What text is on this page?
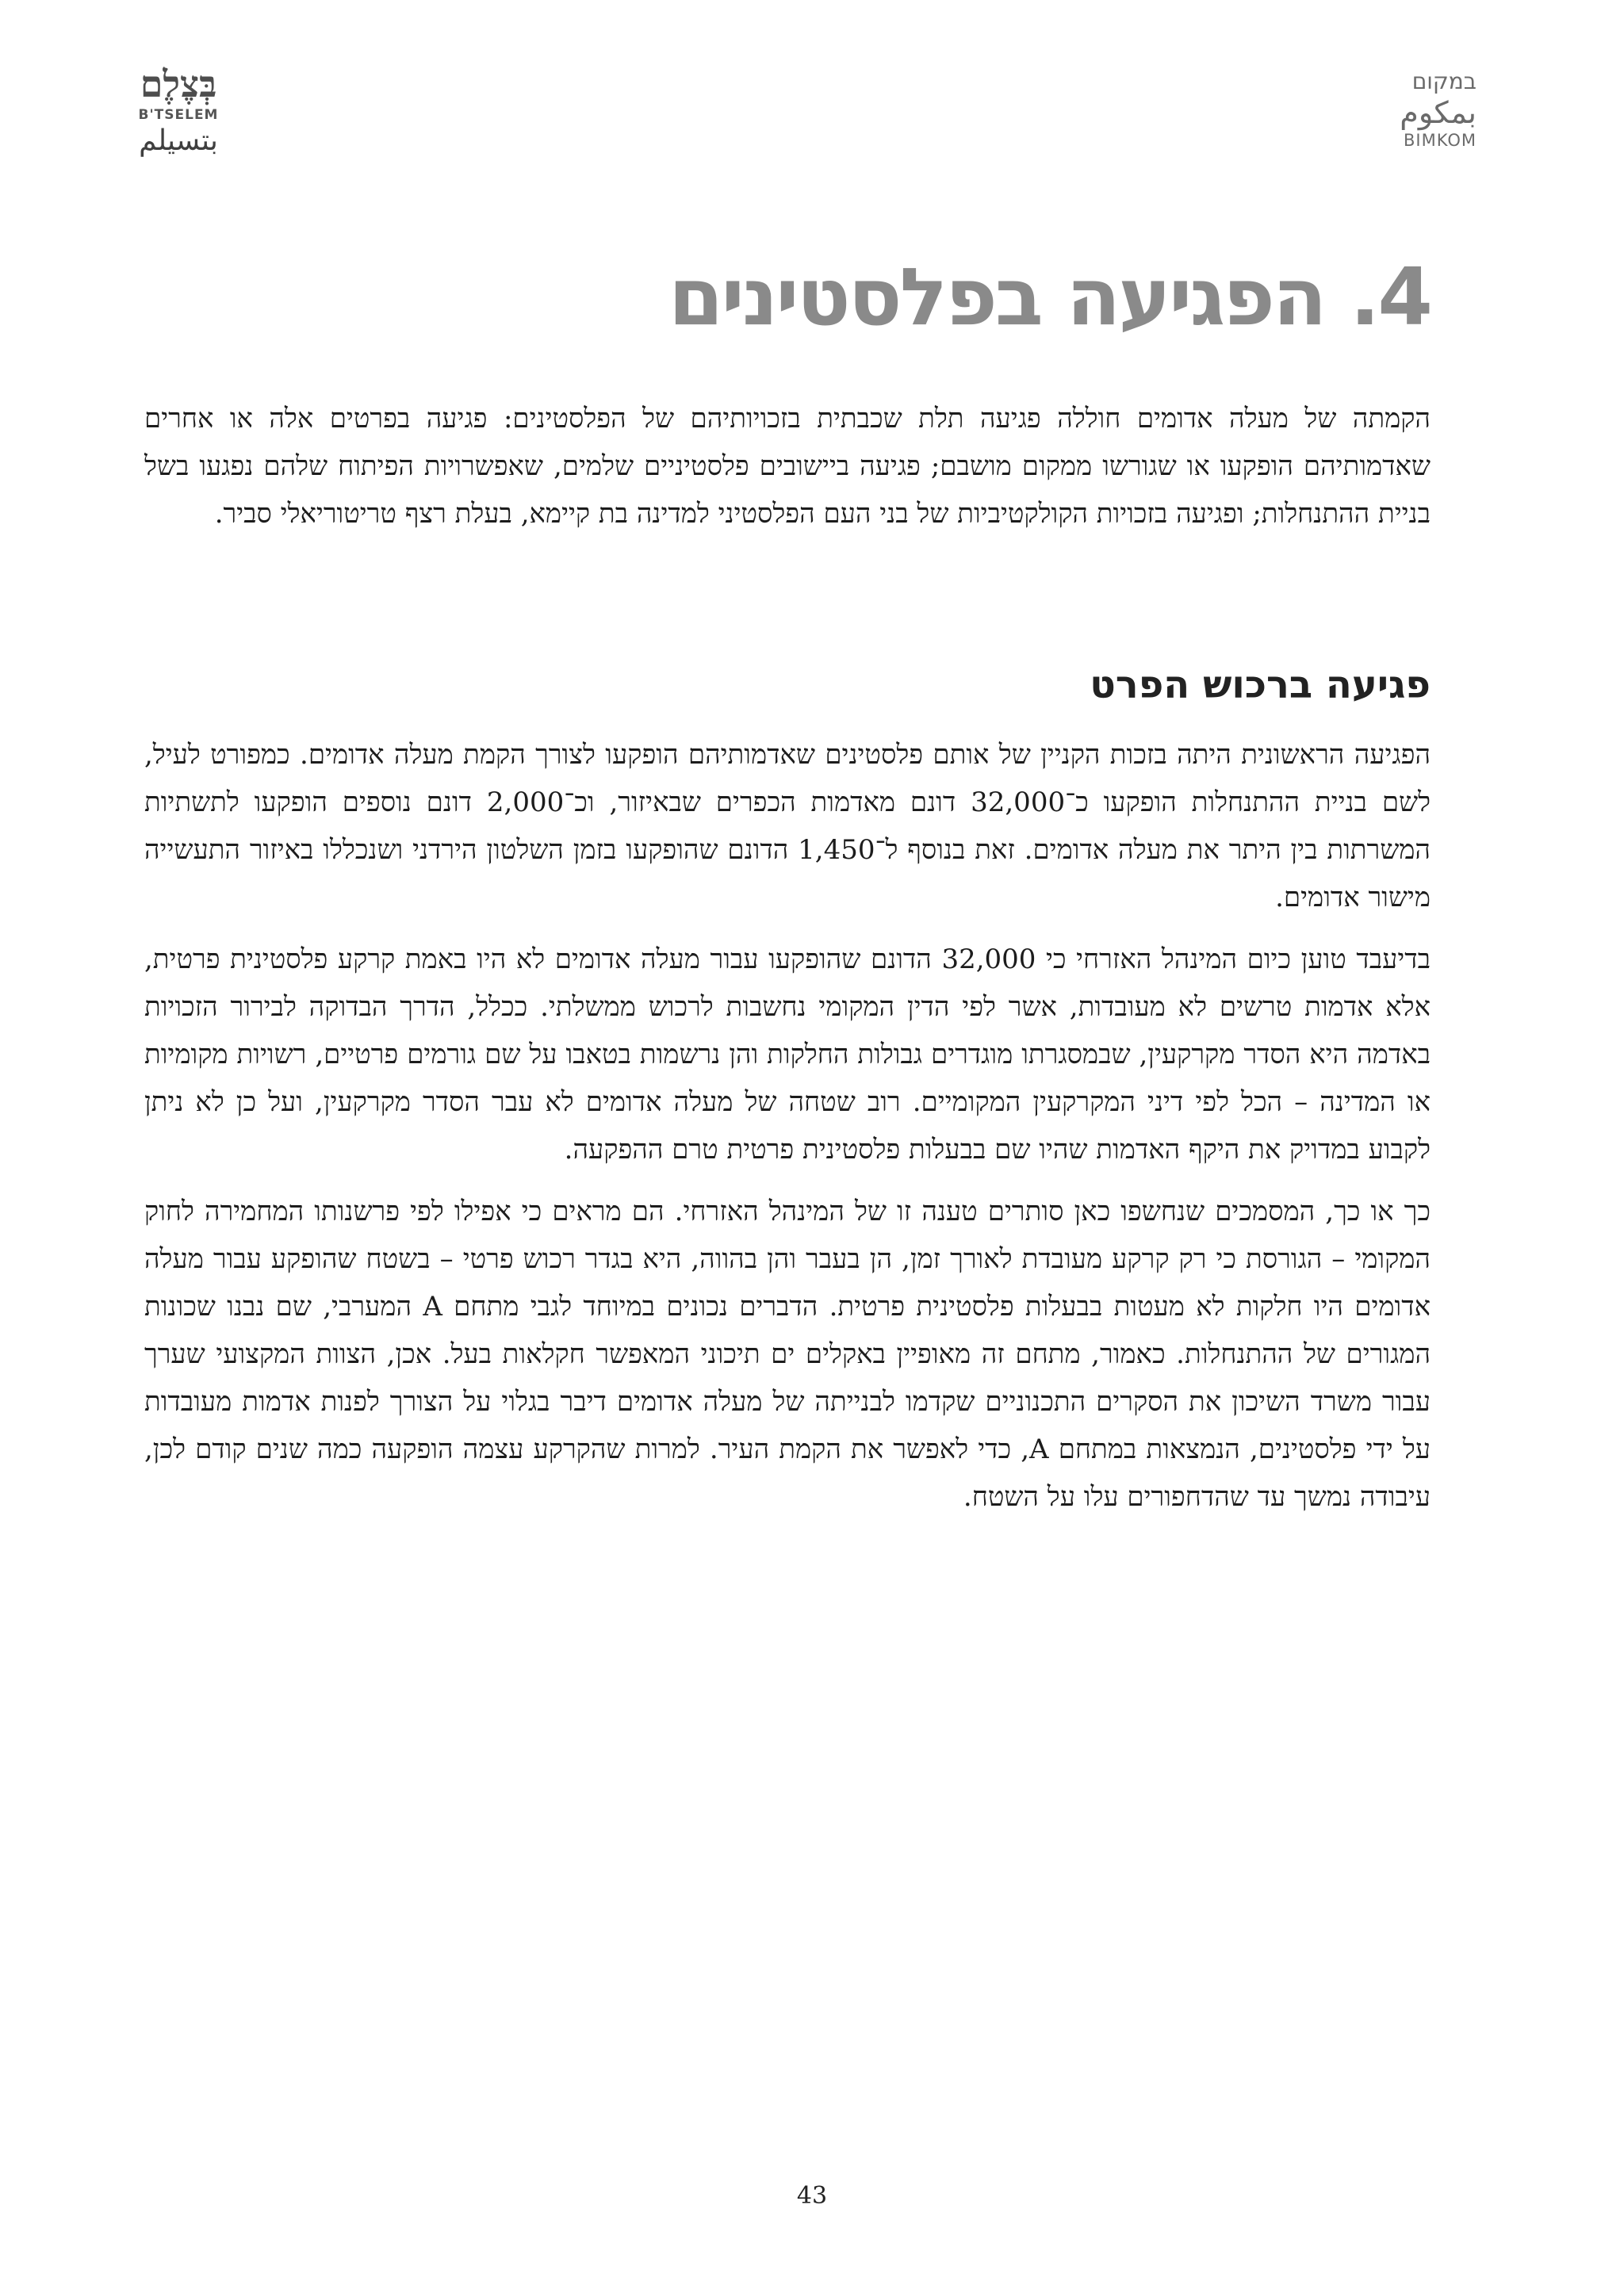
בְּצֶלֶם
B'TSELEM
بتسيلم
במקום
بمكوم
BIMKOM
4. הפגיעה בפלסטינים

הקמתה של מעלה אדומים חוללה פגיעה תלת שכבתית בזכויותיהם של הפלסטינים: פגיעה בפרטים אלה או אחרים שאדמותיהם הופקעו או שגורשו ממקום מושבם; פגיעה ביישובים פלסטיניים שלמים, שאפשרויות הפיתוח שלהם נפגעו בשל בניית ההתנחלות; ופגיעה בזכויות הקולקטיביות של בני העם הפלסטיני למדינה בת קיימא, בעלת רצף טריטוריאלי סביר.

פגיעה ברכוש הפרט

הפגיעה הראשונית היתה בזכות הקניין של אותם פלסטינים שאדמותיהם הופקעו לצורך הקמת מעלה אדומים. כמפורט לעיל, לשם בניית ההתנחלות הופקעו כ־32,000 דונם מאדמות הכפרים שבאיזור, וכ־2,000 דונם נוספים הופקעו לתשתיות המשרתות בין היתר את מעלה אדומים. זאת בנוסף ל־1,450 הדונם שהופקעו בזמן השלטון הירדני ושנכללו באיזור התעשייה מישור אדומים.

בדיעבד טוען כיום המינהל האזרחי כי 32,000 הדונם שהופקעו עבור מעלה אדומים לא היו באמת קרקע פלסטינית פרטית, אלא אדמות טרשים לא מעובדות, אשר לפי הדין המקומי נחשבות לרכוש ממשלתי. ככלל, הדרך הבדוקה לבירור הזכויות באדמה היא הסדר מקרקעין, שבמסגרתו מוגדרים גבולות החלקות והן נרשמות בטאבו על שם גורמים פרטיים, רשויות מקומיות או המדינה – הכל לפי דיני המקרקעין המקומיים. רוב שטחה של מעלה אדומים לא עבר הסדר מקרקעין, ועל כן לא ניתן לקבוע במדויק את היקף האדמות שהיו שם בבעלות פלסטינית פרטית טרם ההפקעה.

כך או כך, המסמכים שנחשפו כאן סותרים טענה זו של המינהל האזרחי. הם מראים כי אפילו לפי פרשנותו המחמירה לחוק המקומי – הגורסת כי רק קרקע מעובדת לאורך זמן, הן בעבר והן בהווה, היא בגדר רכוש פרטי – בשטח שהופקע עבור מעלה אדומים היו חלקות לא מעטות בבעלות פלסטינית פרטית. הדברים נכונים במיוחד לגבי מתחם A המערבי, שם נבנו שכונות המגורים של ההתנחלות. כאמור, מתחם זה מאופיין באקלים ים תיכוני המאפשר חקלאות בעל. אכן, הצוות המקצועי שערך עבור משרד השיכון את הסקרים התכנוניים שקדמו לבנייתה של מעלה אדומים דיבר בגלוי על הצורך לפנות אדמות מעובדות על ידי פלסטינים, הנמצאות במתחם A, כדי לאפשר את הקמת העיר. למרות שהקרקע עצמה הופקעה כמה שנים קודם לכן, עיבודה נמשך עד שהדחפורים עלו על השטח.

43
